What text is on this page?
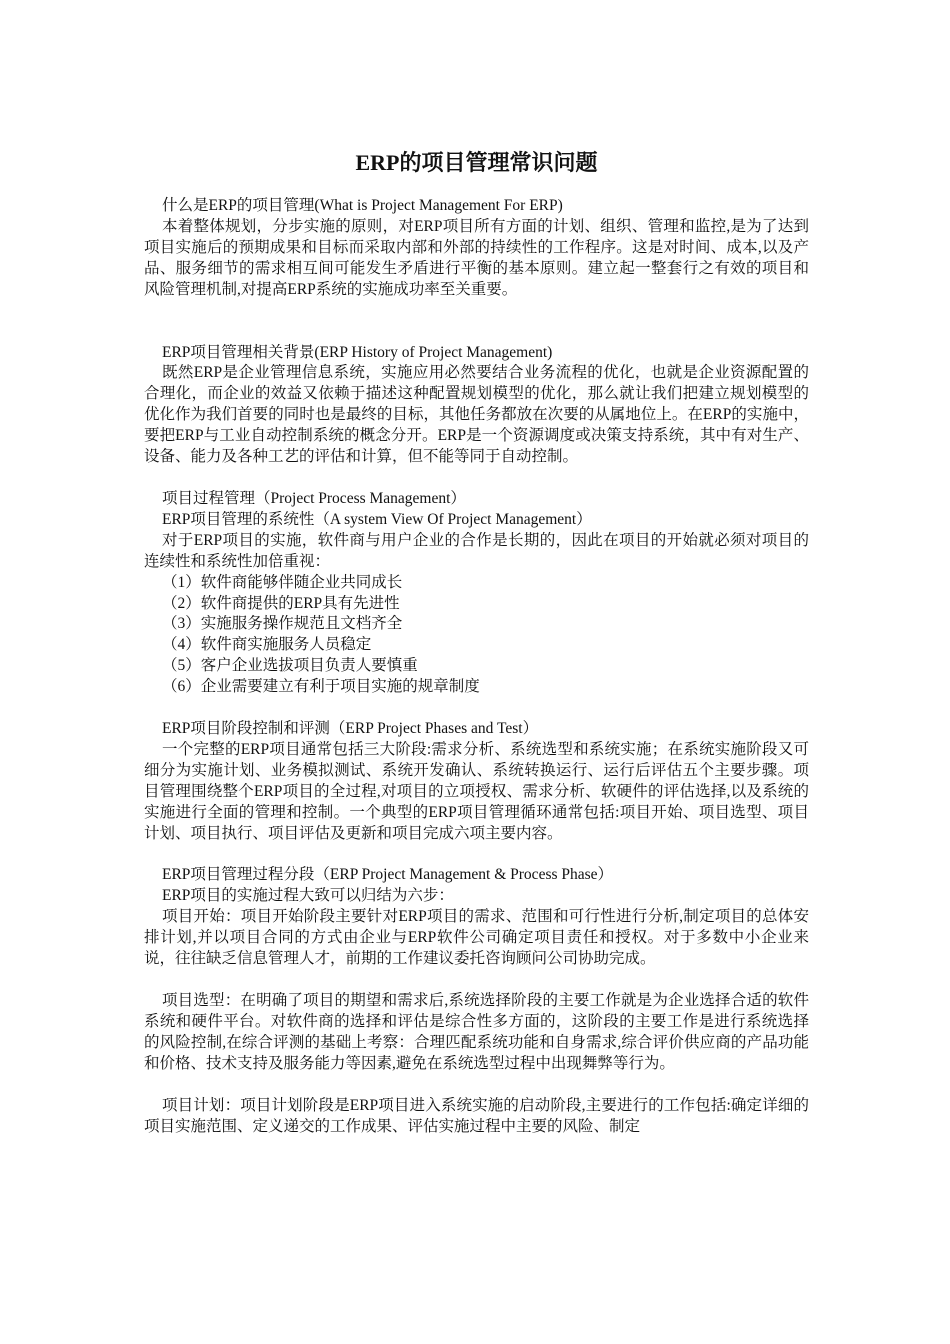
ERP的项目管理常识问题

什么是ERP的项目管理(What is Project Management For ERP)

本着整体规划，分步实施的原则，对ERP项目所有方面的计划、组织、管理和监控,是为了达到项目实施后的预期成果和目标而采取内部和外部的持续性的工作程序。这是对时间、成本,以及产品、服务细节的需求相互间可能发生矛盾进行平衡的基本原则。建立起一整套行之有效的项目和风险管理机制,对提高ERP系统的实施成功率至关重要。

ERP项目管理相关背景(ERP History of Project Management)

既然ERP是企业管理信息系统，实施应用必然要结合业务流程的优化，也就是企业资源配置的合理化，而企业的效益又依赖于描述这种配置规划模型的优化，那么就让我们把建立规划模型的优化作为我们首要的同时也是最终的目标，其他任务都放在次要的从属地位上。在ERP的实施中，要把ERP与工业自动控制系统的概念分开。ERP是一个资源调度或决策支持系统，其中有对生产、设备、能力及各种工艺的评估和计算，但不能等同于自动控制。

项目过程管理（Project Process Management）

ERP项目管理的系统性（A system View Of Project Management）

对于ERP项目的实施，软件商与用户企业的合作是长期的，因此在项目的开始就必须对项目的连续性和系统性加倍重视：

（1）软件商能够伴随企业共同成长

（2）软件商提供的ERP具有先进性

（3）实施服务操作规范且文档齐全

（4）软件商实施服务人员稳定

（5）客户企业选拔项目负责人要慎重

（6）企业需要建立有利于项目实施的规章制度

ERP项目阶段控制和评测（ERP Project Phases and Test）

一个完整的ERP项目通常包括三大阶段:需求分析、系统选型和系统实施；在系统实施阶段又可细分为实施计划、业务模拟测试、系统开发确认、系统转换运行、运行后评估五个主要步骤。项目管理围绕整个ERP项目的全过程,对项目的立项授权、需求分析、软硬件的评估选择,以及系统的实施进行全面的管理和控制。一个典型的ERP项目管理循环通常包括:项目开始、项目选型、项目计划、项目执行、项目评估及更新和项目完成六项主要内容。

ERP项目管理过程分段（ERP Project Management & Process Phase）

ERP项目的实施过程大致可以归结为六步：

项目开始：项目开始阶段主要针对ERP项目的需求、范围和可行性进行分析,制定项目的总体安排计划,并以项目合同的方式由企业与ERP软件公司确定项目责任和授权。对于多数中小企业来说，往往缺乏信息管理人才，前期的工作建议委托咨询顾问公司协助完成。

项目选型：在明确了项目的期望和需求后,系统选择阶段的主要工作就是为企业选择合适的软件系统和硬件平台。对软件商的选择和评估是综合性多方面的，这阶段的主要工作是进行系统选择的风险控制,在综合评测的基础上考察：合理匹配系统功能和自身需求,综合评价供应商的产品功能和价格、技术支持及服务能力等因素,避免在系统选型过程中出现舞弊等行为。

项目计划：项目计划阶段是ERP项目进入系统实施的启动阶段,主要进行的工作包括:确定详细的项目实施范围、定义递交的工作成果、评估实施过程中主要的风险、制定
